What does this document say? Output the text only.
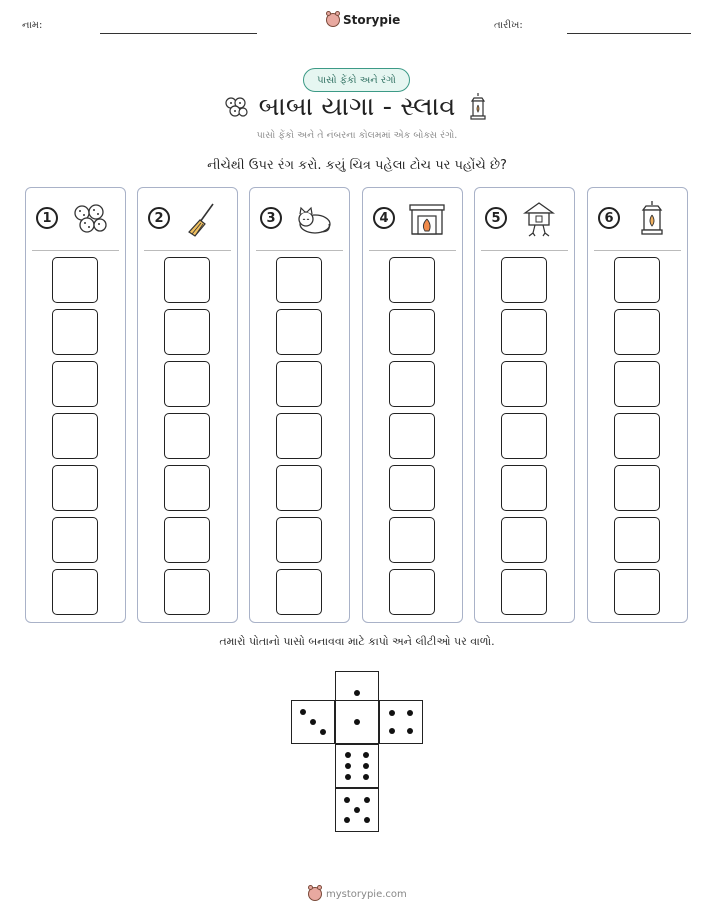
નામ:	Storypie	તારીખ:
પાસો ફેંકો અને રંગો
બાબા યાગા - સ્લાવ
પાસો ફેંકો અને તે નંબરના કોલમમાં એક બોક્સ રંગો.
નીચેથી ઉપર રંગ કરો. કયું ચિત્ર પહેલા ટોચ પર પહોંચે છે?
1	2	3	4	5	6
તમારો પોતાનો પાસો બનાવવા માટે કાપો અને લીટીઓ પર વાળો.
mystorypie.com
